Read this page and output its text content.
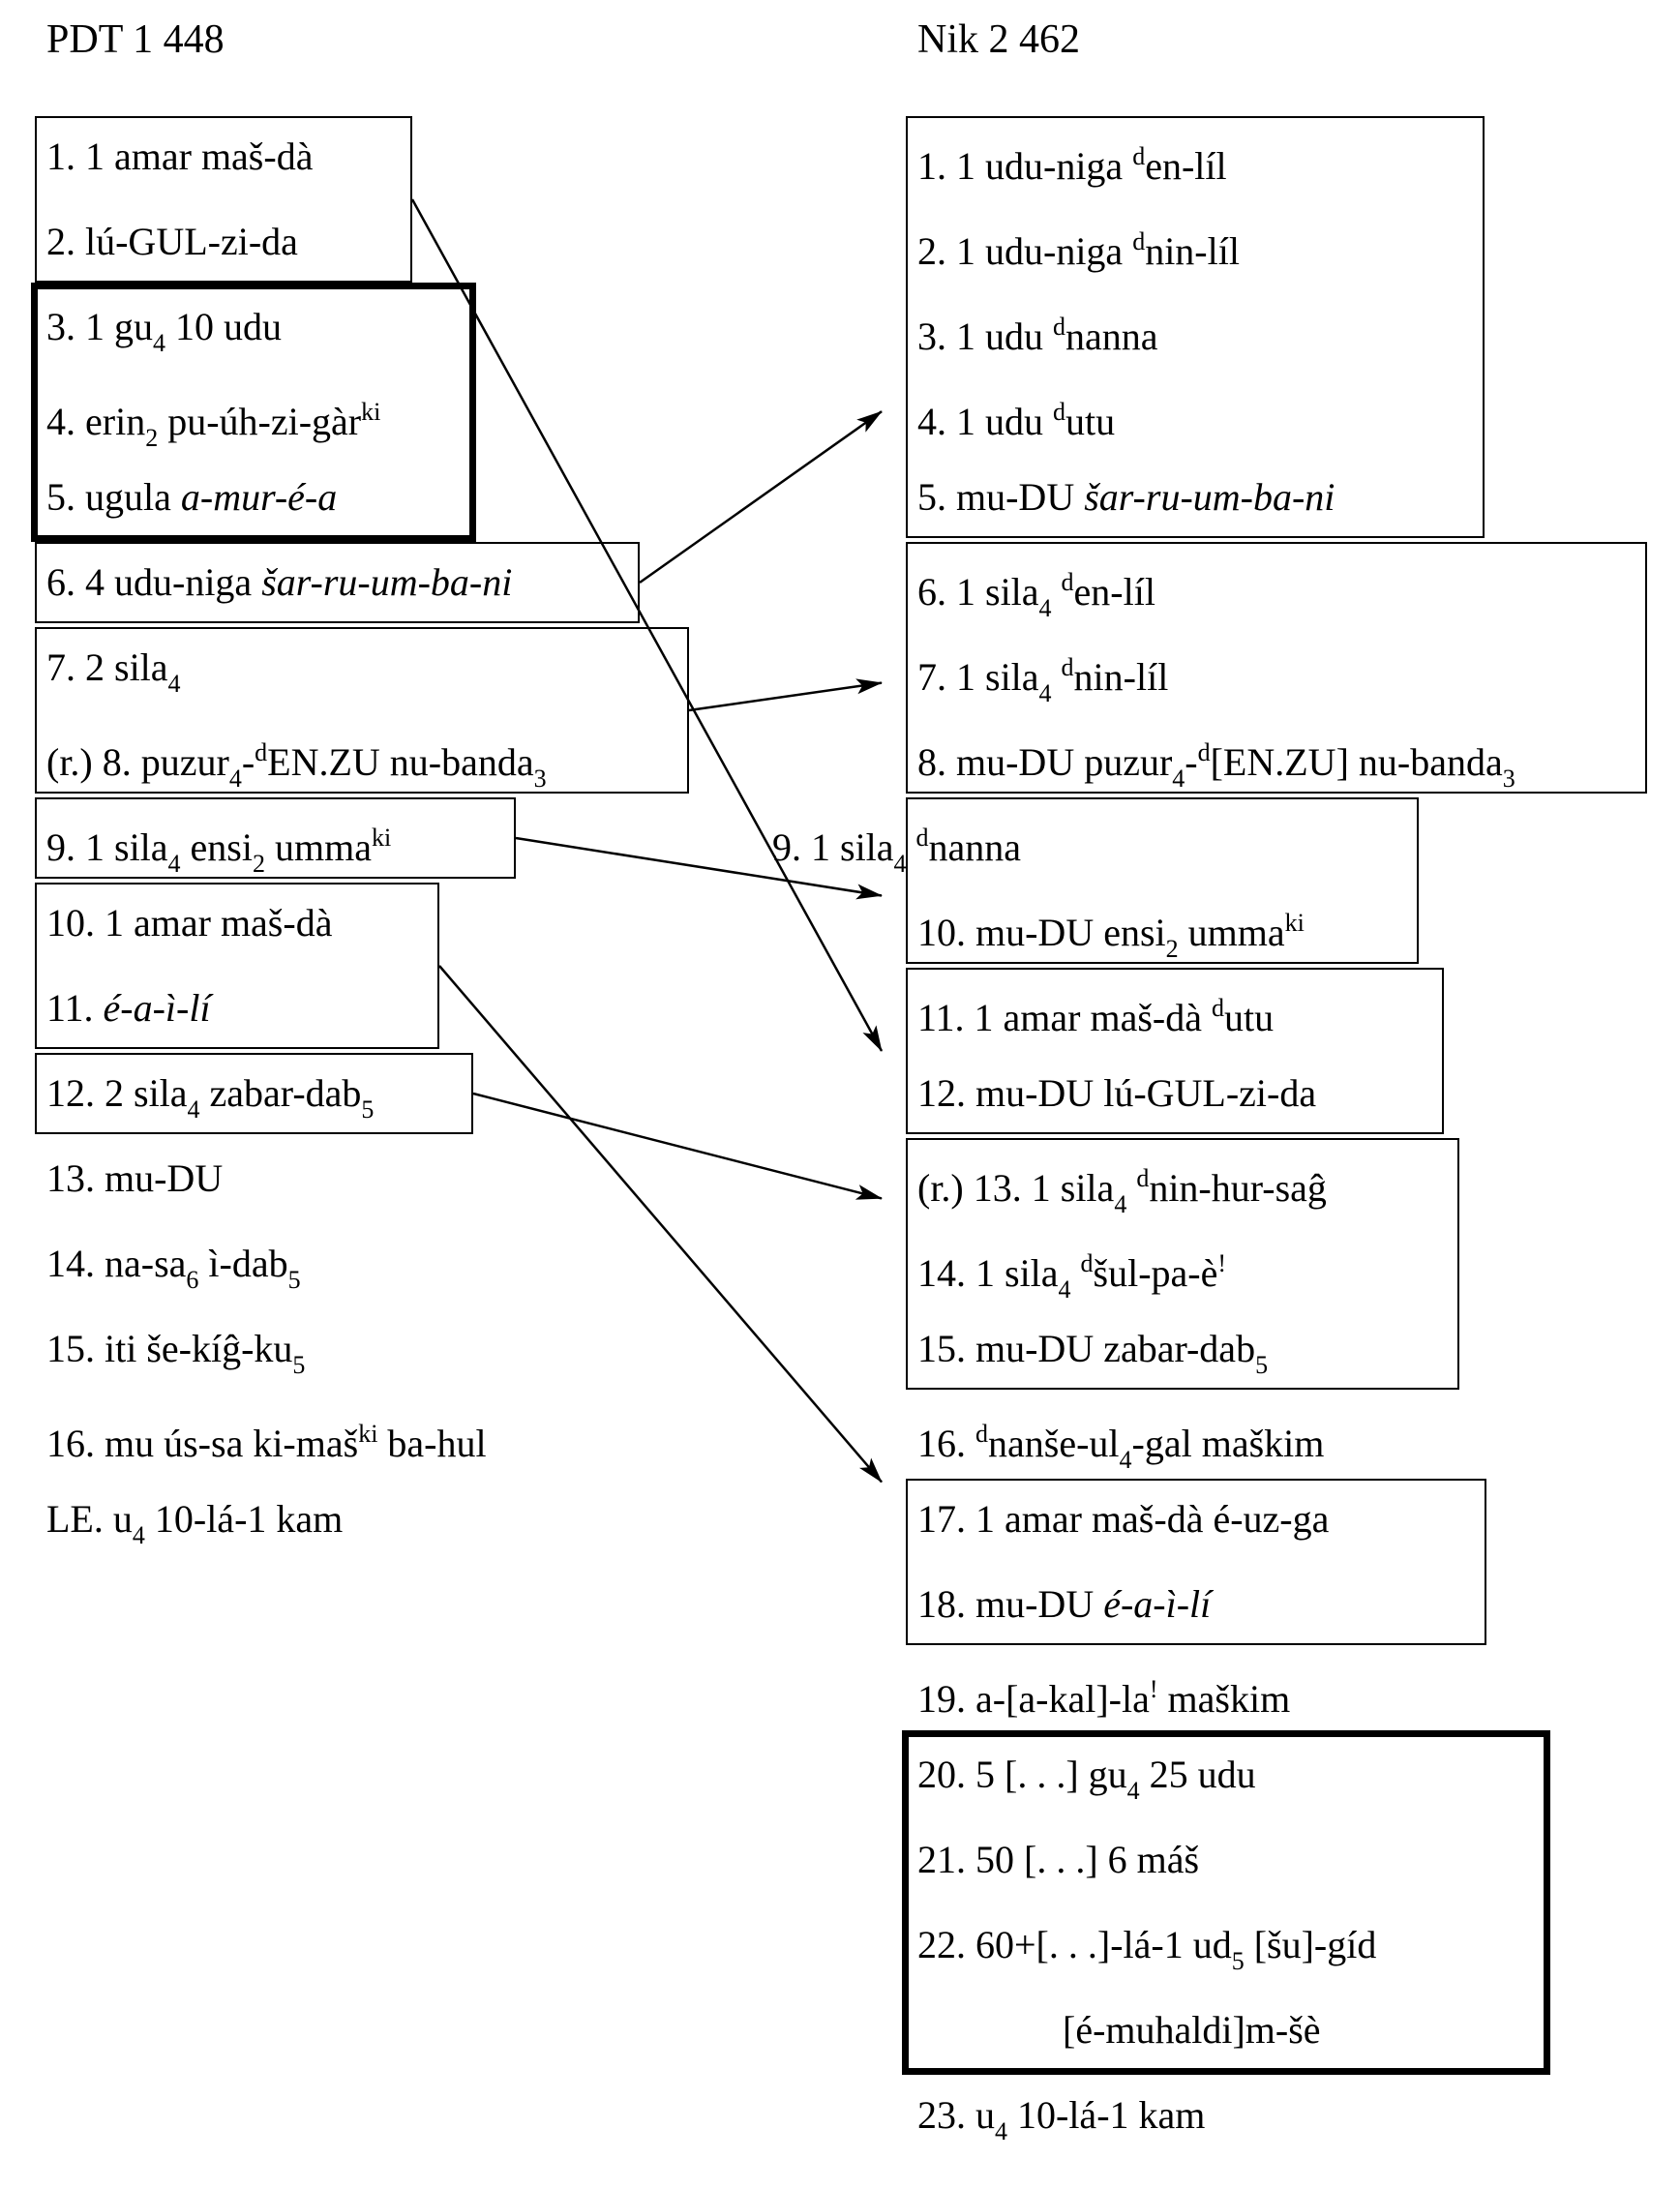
PDT 1 448	Nik 2 462
1. 1 amar maš-dà
2. lú-GUL-zi-da
3. 1 $gu_4$ 10 udu
4. erin$_2$ pu-úh-zi-gàr$^{ki}$
5. ugula a-mur-é-a
6. 4 udu-niga šar-ru-um-ba-ni
7. 2 sila$_4$
(r.) 8. puzur$_4$-$^d$EN.ZU nu-banda$_3$
9. 1 sila$_4$ ensi$_2$ umma$^{ki}$
10. 1 amar maš-dà
11. é-a-ì-lí
12. 2 sila$_4$ zabar-dab$_5$
13. mu-DU
14. $na-sa_6$ ì-dab$_5$
15. iti $še-kíĝ-ku_5$
16. mu ús-sa ki-maš$^{ki}$ ba-hul
LE. $u_4$ 10-lá-1 kam
1. 1 udu-niga $^d$en-líl
2. 1 udu-niga $^d$nin-líl
3. 1 udu $^d$nanna
4. 1 udu $^d$utu
5. mu-DU šar-ru-um-ba-ni
6. 1 sila$_4$ $^d$en-líl
7. 1 sila$_4$ $^d$nin-líl
8. mu-DU puzur$_4$-$^d$[EN.ZU] nu-banda$_3$
9. 1 sila$_4$ $^d$nanna
10. mu-DU ensi$_2$ umma$^{ki}$
11. 1 amar maš-dà $^d$utu
12. mu-DU lú-GUL-zi-da
(r.) 13. 1 sila$_4$ $^d$nin-hur-saĝ
14. 1 sila$_4$ $^d$šul-pa-è!
15. mu-DU zabar-dab$_5$
16. $^dnanše-ul_4$-gal maškim
17. 1 amar maš-dà é-uz-ga
18. mu-DU é-a-ì-lí
19. a-[a-kal]-la! maškim
20. 5 [. . .] $gu_4$ 25 udu
21. 50 [. . .] 6 máš
22. 60+[. . .]-lá-1 $ud_5$ [šu]-gíd
[é-muhaldi]m-šè
23. $u_4$ 10-lá-1 kam
